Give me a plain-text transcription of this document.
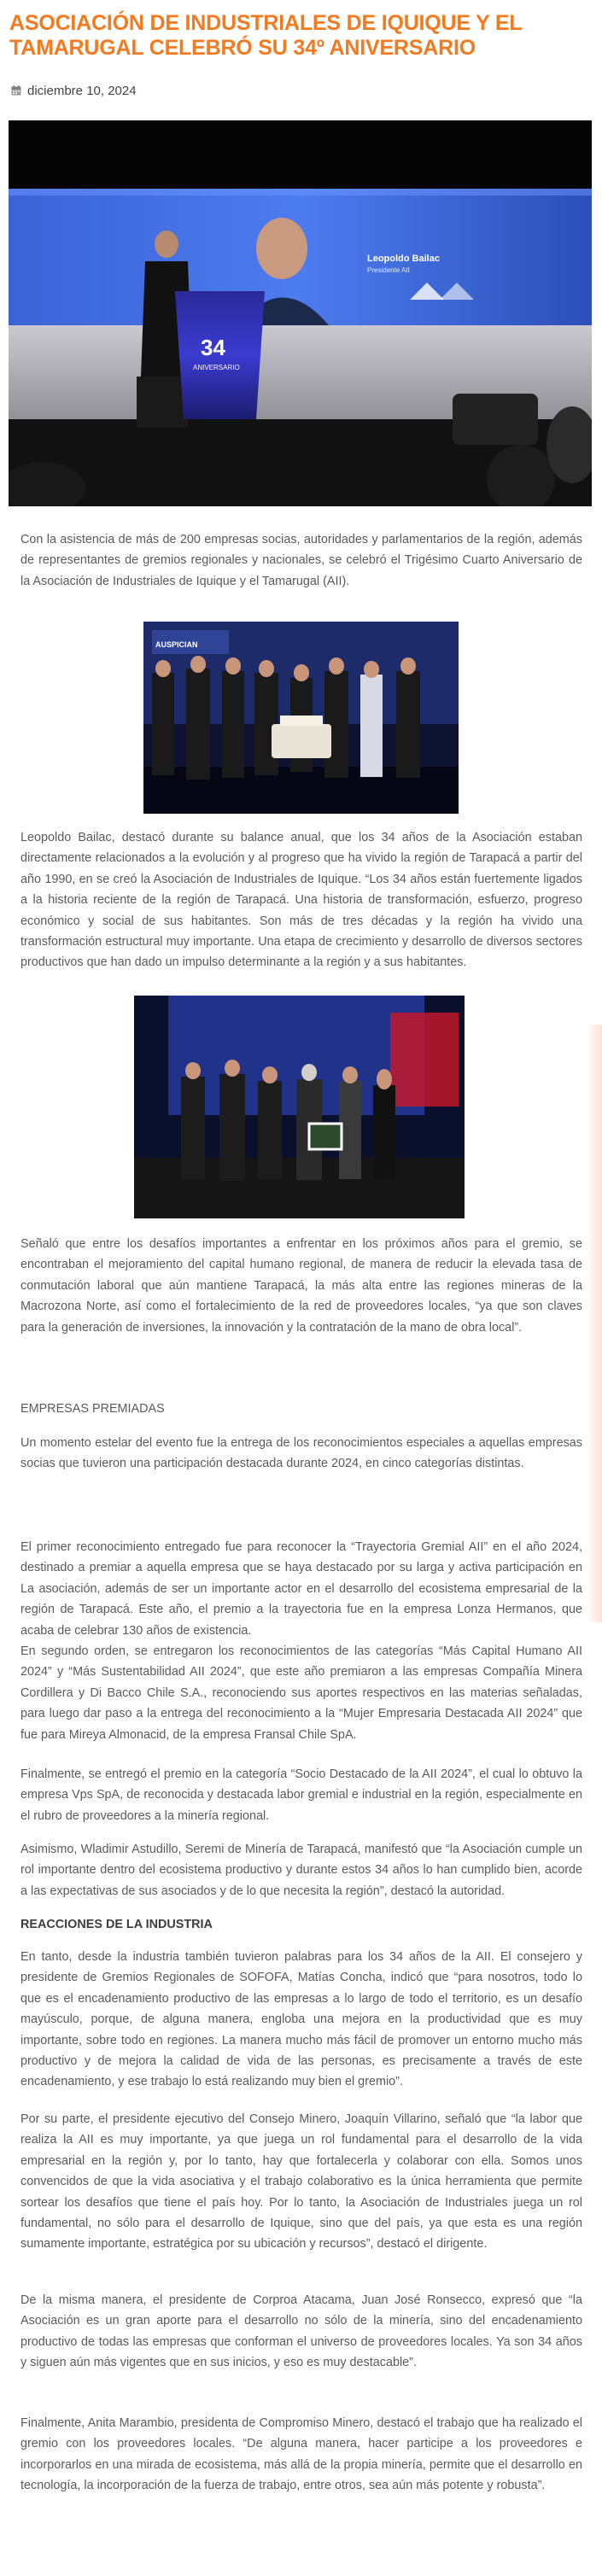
ASOCIACIÓN DE INDUSTRIALES DE IQUIQUE Y EL TAMARUGAL CELEBRÓ SU 34º ANIVERSARIO
diciembre 10, 2024
Leopoldo Bailac
Presidente AII
34
ANIVERSARIO

Con la asistencia de más de 200 empresas socias, autoridades y parlamentarios de la región, además de representantes de gremios regionales y nacionales, se celebró el Trigésimo Cuarto Aniversario de la Asociación de Industriales de Iquique y el Tamarugal (AII).

AUSPICIAN

Leopoldo Bailac, destacó durante su balance anual, que los 34 años de la Asociación estaban directamente relacionados a la evolución y al progreso que ha vivido la región de Tarapacá a partir del año 1990, en se creó la Asociación de Industriales de Iquique. “Los 34 años están fuertemente ligados a la historia reciente de la región de Tarapacá. Una historia de transformación, esfuerzo, progreso económico y social de sus habitantes. Son más de tres décadas y la región ha vivido una transformación estructural muy importante. Una etapa de crecimiento y desarrollo de diversos sectores productivos que han dado un impulso determinante a la región y a sus habitantes.

Señaló que entre los desafíos importantes a enfrentar en los próximos años para el gremio, se encontraban el mejoramiento del capital humano regional, de manera de reducir la elevada tasa de conmutación laboral que aún mantiene Tarapacá, la más alta entre las regiones mineras de la Macrozona Norte, así como el fortalecimiento de la red de proveedores locales, “ya que son claves para la generación de inversiones, la innovación y la contratación de la mano de obra local”.

EMPRESAS PREMIADAS

Un momento estelar del evento fue la entrega de los reconocimientos especiales a aquellas empresas socias que tuvieron una participación destacada durante 2024, en cinco categorías distintas.

El primer reconocimiento entregado fue para reconocer la “Trayectoria Gremial AII” en el año 2024, destinado a premiar a aquella empresa que se haya destacado por su larga y activa participación en La asociación, además de ser un importante actor en el desarrollo del ecosistema empresarial de la región de Tarapacá. Este año, el premio a la trayectoria fue en la empresa Lonza Hermanos, que acaba de celebrar 130 años de existencia.

En segundo orden, se entregaron los reconocimientos de las categorías “Más Capital Humano AII 2024” y “Más Sustentabilidad AII 2024”, que este año premiaron a las empresas Compañía Minera Cordillera y Di Bacco Chile S.A., reconociendo sus aportes respectivos en las materias señaladas, para luego dar paso a la entrega del reconocimiento a la “Mujer Empresaria Destacada AII 2024” que fue para Mireya Almonacid, de la empresa Fransal Chile SpA.

Finalmente, se entregó el premio en la categoría “Socio Destacado de la AII 2024”, el cual lo obtuvo la empresa Vps SpA, de reconocida y destacada labor gremial e industrial en la región, especialmente en el rubro de proveedores a la minería regional.

Asimismo, Wladimir Astudillo, Seremi de Minería de Tarapacá, manifestó que “la Asociación cumple un rol importante dentro del ecosistema productivo y durante estos 34 años lo han cumplido bien, acorde a las expectativas de sus asociados y de lo que necesita la región”, destacó la autoridad.

REACCIONES DE LA INDUSTRIA

En tanto, desde la industria también tuvieron palabras para los 34 años de la AII. El consejero y presidente de Gremios Regionales de SOFOFA, Matías Concha, indicó que “para nosotros, todo lo que es el encadenamiento productivo de las empresas a lo largo de todo el territorio, es un desafío mayúsculo, porque, de alguna manera, engloba una mejora en la productividad que es muy importante, sobre todo en regiones. La manera mucho más fácil de promover un entorno mucho más productivo y de mejora la calidad de vida de las personas, es precisamente a través de este encadenamiento, y ese trabajo lo está realizando muy bien el gremio”.

Por su parte, el presidente ejecutivo del Consejo Minero, Joaquín Villarino, señaló que “la labor que realiza la AII es muy importante, ya que juega un rol fundamental para el desarrollo de la vida empresarial en la región y, por lo tanto, hay que fortalecerla y colaborar con ella. Somos unos convencidos de que la vida asociativa y el trabajo colaborativo es la única herramienta que permite sortear los desafíos que tiene el país hoy. Por lo tanto, la Asociación de Industriales juega un rol fundamental, no sólo para el desarrollo de Iquique, sino que del país, ya que esta es una región sumamente importante, estratégica por su ubicación y recursos”, destacó el dirigente.

De la misma manera, el presidente de Corproa Atacama, Juan José Ronsecco, expresó que “la Asociación es un gran aporte para el desarrollo no sólo de la minería, sino del encadenamiento productivo de todas las empresas que conforman el universo de proveedores locales. Ya son 34 años y siguen aún más vigentes que en sus inicios, y eso es muy destacable”.

Finalmente, Anita Marambio, presidenta de Compromiso Minero, destacó el trabajo que ha realizado el gremio con los proveedores locales. “De alguna manera, hacer participe a los proveedores e incorporarlos en una mirada de ecosistema, más allá de la propia minería, permite que el desarrollo en tecnología, la incorporación de la fuerza de trabajo, entre otros, sea aún más potente y robusta”.
